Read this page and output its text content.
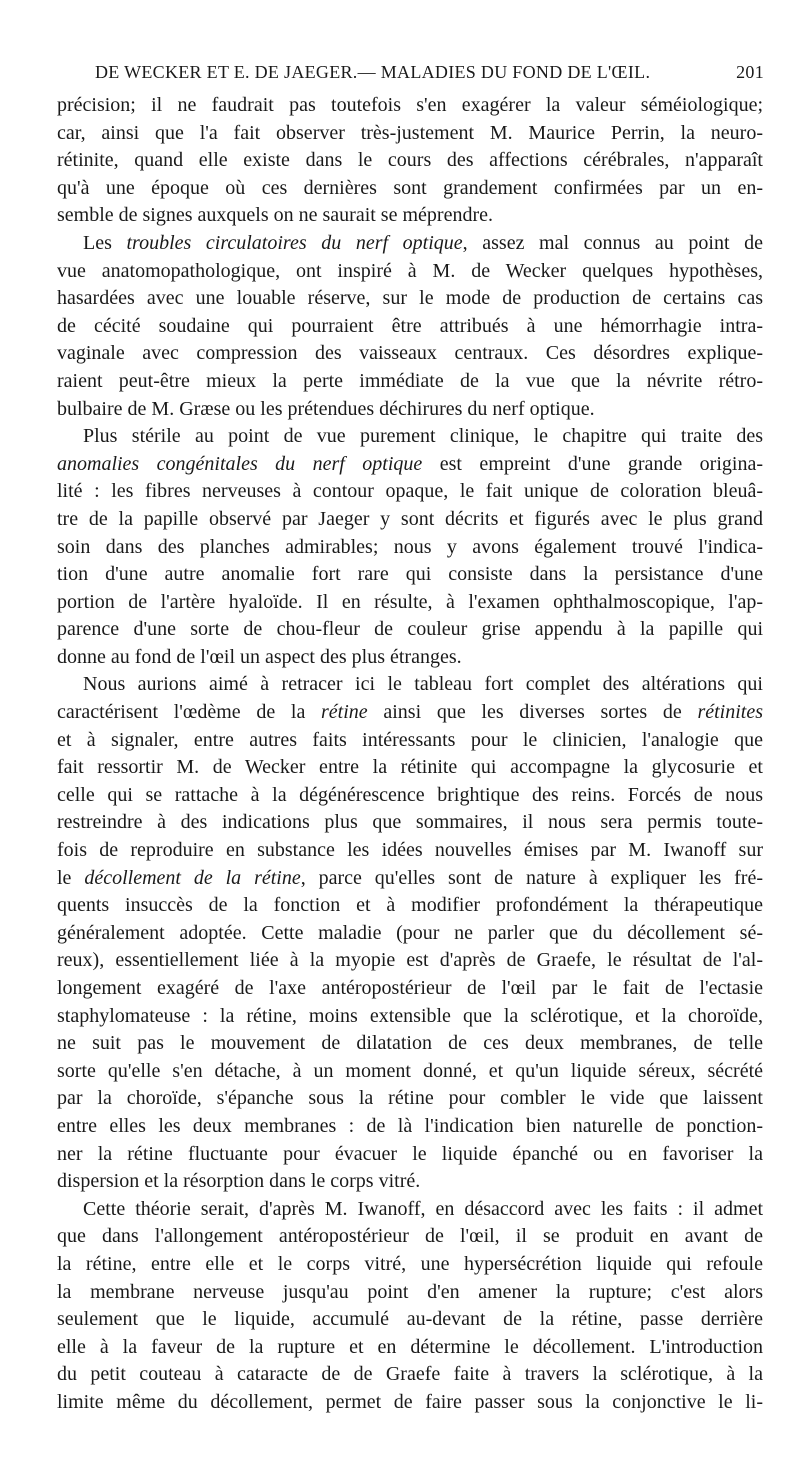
DE WECKER ET E. DE JAEGER.— MALADIES DU FOND DE L'ŒIL.	201
précision; il ne faudrait pas toutefois s'en exagérer la valeur séméiologique;
car, ainsi que l'a fait observer très-justement M. Maurice Perrin, la neuro-
rétinite, quand elle existe dans le cours des affections cérébrales, n'apparaît
qu'à une époque où ces dernières sont grandement confirmées par un en-
semble de signes auxquels on ne saurait se méprendre.
Les troubles circulatoires du nerf optique, assez mal connus au point de
vue anatomopathologique, ont inspiré à M. de Wecker quelques hypothèses,
hasardées avec une louable réserve, sur le mode de production de certains cas
de cécité soudaine qui pourraient être attribués à une hémorrhagie intra-
vaginale avec compression des vaisseaux centraux. Ces désordres explique-
raient peut-être mieux la perte immédiate de la vue que la névrite rétro-
bulbaire de M. Græse ou les prétendues déchirures du nerf optique.
Plus stérile au point de vue purement clinique, le chapitre qui traite des
anomalies congénitales du nerf optique est empreint d'une grande origina-
lité : les fibres nerveuses à contour opaque, le fait unique de coloration bleuâ-
tre de la papille observé par Jaeger y sont décrits et figurés avec le plus grand
soin dans des planches admirables; nous y avons également trouvé l'indica-
tion d'une autre anomalie fort rare qui consiste dans la persistance d'une
portion de l'artère hyaloïde. Il en résulte, à l'examen ophthalmoscopique, l'ap-
parence d'une sorte de chou-fleur de couleur grise appendu à la papille qui
donne au fond de l'œil un aspect des plus étranges.
Nous aurions aimé à retracer ici le tableau fort complet des altérations qui
caractérisent l'œdème de la rétine ainsi que les diverses sortes de rétinites
et à signaler, entre autres faits intéressants pour le clinicien, l'analogie que
fait ressortir M. de Wecker entre la rétinite qui accompagne la glycosurie et
celle qui se rattache à la dégénérescence brightique des reins. Forcés de nous
restreindre à des indications plus que sommaires, il nous sera permis toute-
fois de reproduire en substance les idées nouvelles émises par M. Iwanoff sur
le décollement de la rétine, parce qu'elles sont de nature à expliquer les fré-
quents insuccès de la fonction et à modifier profondément la thérapeutique
généralement adoptée. Cette maladie (pour ne parler que du décollement sé-
reux), essentiellement liée à la myopie est d'après de Graefe, le résultat de l'al-
longement exagéré de l'axe antéropostérieur de l'œil par le fait de l'ectasie
staphylomateuse : la rétine, moins extensible que la sclérotique, et la choroïde,
ne suit pas le mouvement de dilatation de ces deux membranes, de telle
sorte qu'elle s'en détache, à un moment donné, et qu'un liquide séreux, sécrété
par la choroïde, s'épanche sous la rétine pour combler le vide que laissent
entre elles les deux membranes : de là l'indication bien naturelle de ponction-
ner la rétine fluctuante pour évacuer le liquide épanché ou en favoriser la
dispersion et la résorption dans le corps vitré.
Cette théorie serait, d'après M. Iwanoff, en désaccord avec les faits : il admet
que dans l'allongement antéropostérieur de l'œil, il se produit en avant de
la rétine, entre elle et le corps vitré, une hypersécrétion liquide qui refoule
la membrane nerveuse jusqu'au point d'en amener la rupture; c'est alors
seulement que le liquide, accumulé au-devant de la rétine, passe derrière
elle à la faveur de la rupture et en détermine le décollement. L'introduction
du petit couteau à cataracte de de Graefe faite à travers la sclérotique, à la
limite même du décollement, permet de faire passer sous la conjonctive le li-
